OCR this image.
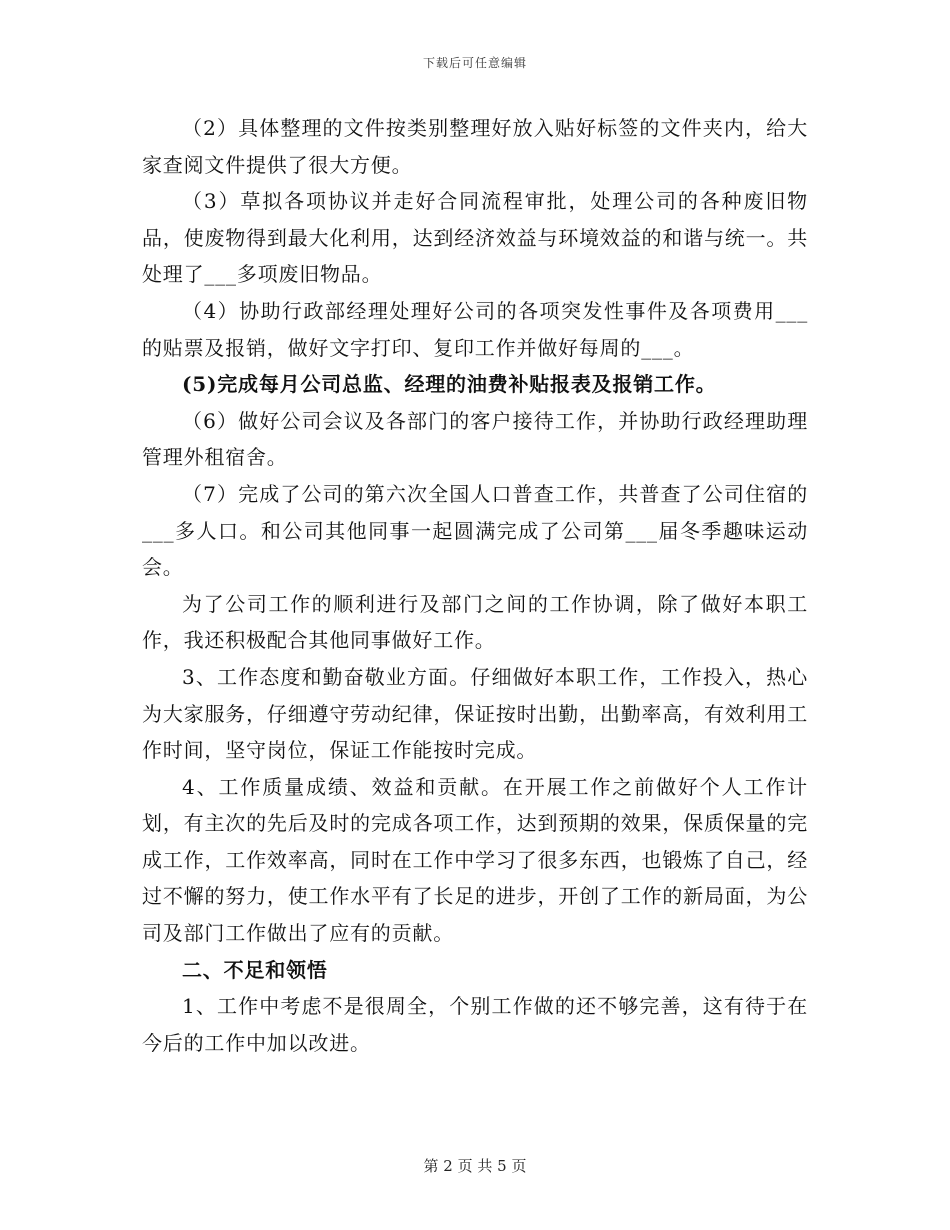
下载后可任意编辑

（2）具体整理的文件按类别整理好放入贴好标签的文件夹内，给大家查阅文件提供了很大方便。

（3）草拟各项协议并走好合同流程审批，处理公司的各种废旧物品，使废物得到最大化利用，达到经济效益与环境效益的和谐与统一。共处理了___多项废旧物品。

（4）协助行政部经理处理好公司的各项突发性事件及各项费用___的贴票及报销，做好文字打印、复印工作并做好每周的___。

(5)完成每月公司总监、经理的油费补贴报表及报销工作。

（6）做好公司会议及各部门的客户接待工作，并协助行政经理助理管理外租宿舍。

（7）完成了公司的第六次全国人口普查工作，共普查了公司住宿的___多人口。和公司其他同事一起圆满完成了公司第___届冬季趣味运动会。

为了公司工作的顺利进行及部门之间的工作协调，除了做好本职工作，我还积极配合其他同事做好工作。

3、工作态度和勤奋敬业方面。仔细做好本职工作，工作投入，热心为大家服务，仔细遵守劳动纪律，保证按时出勤，出勤率高，有效利用工作时间，坚守岗位，保证工作能按时完成。

4、工作质量成绩、效益和贡献。在开展工作之前做好个人工作计划，有主次的先后及时的完成各项工作，达到预期的效果，保质保量的完成工作，工作效率高，同时在工作中学习了很多东西，也锻炼了自己，经过不懈的努力，使工作水平有了长足的进步，开创了工作的新局面，为公司及部门工作做出了应有的贡献。

二、不足和领悟

1、工作中考虑不是很周全，个别工作做的还不够完善，这有待于在今后的工作中加以改进。

第 2 页 共 5 页
